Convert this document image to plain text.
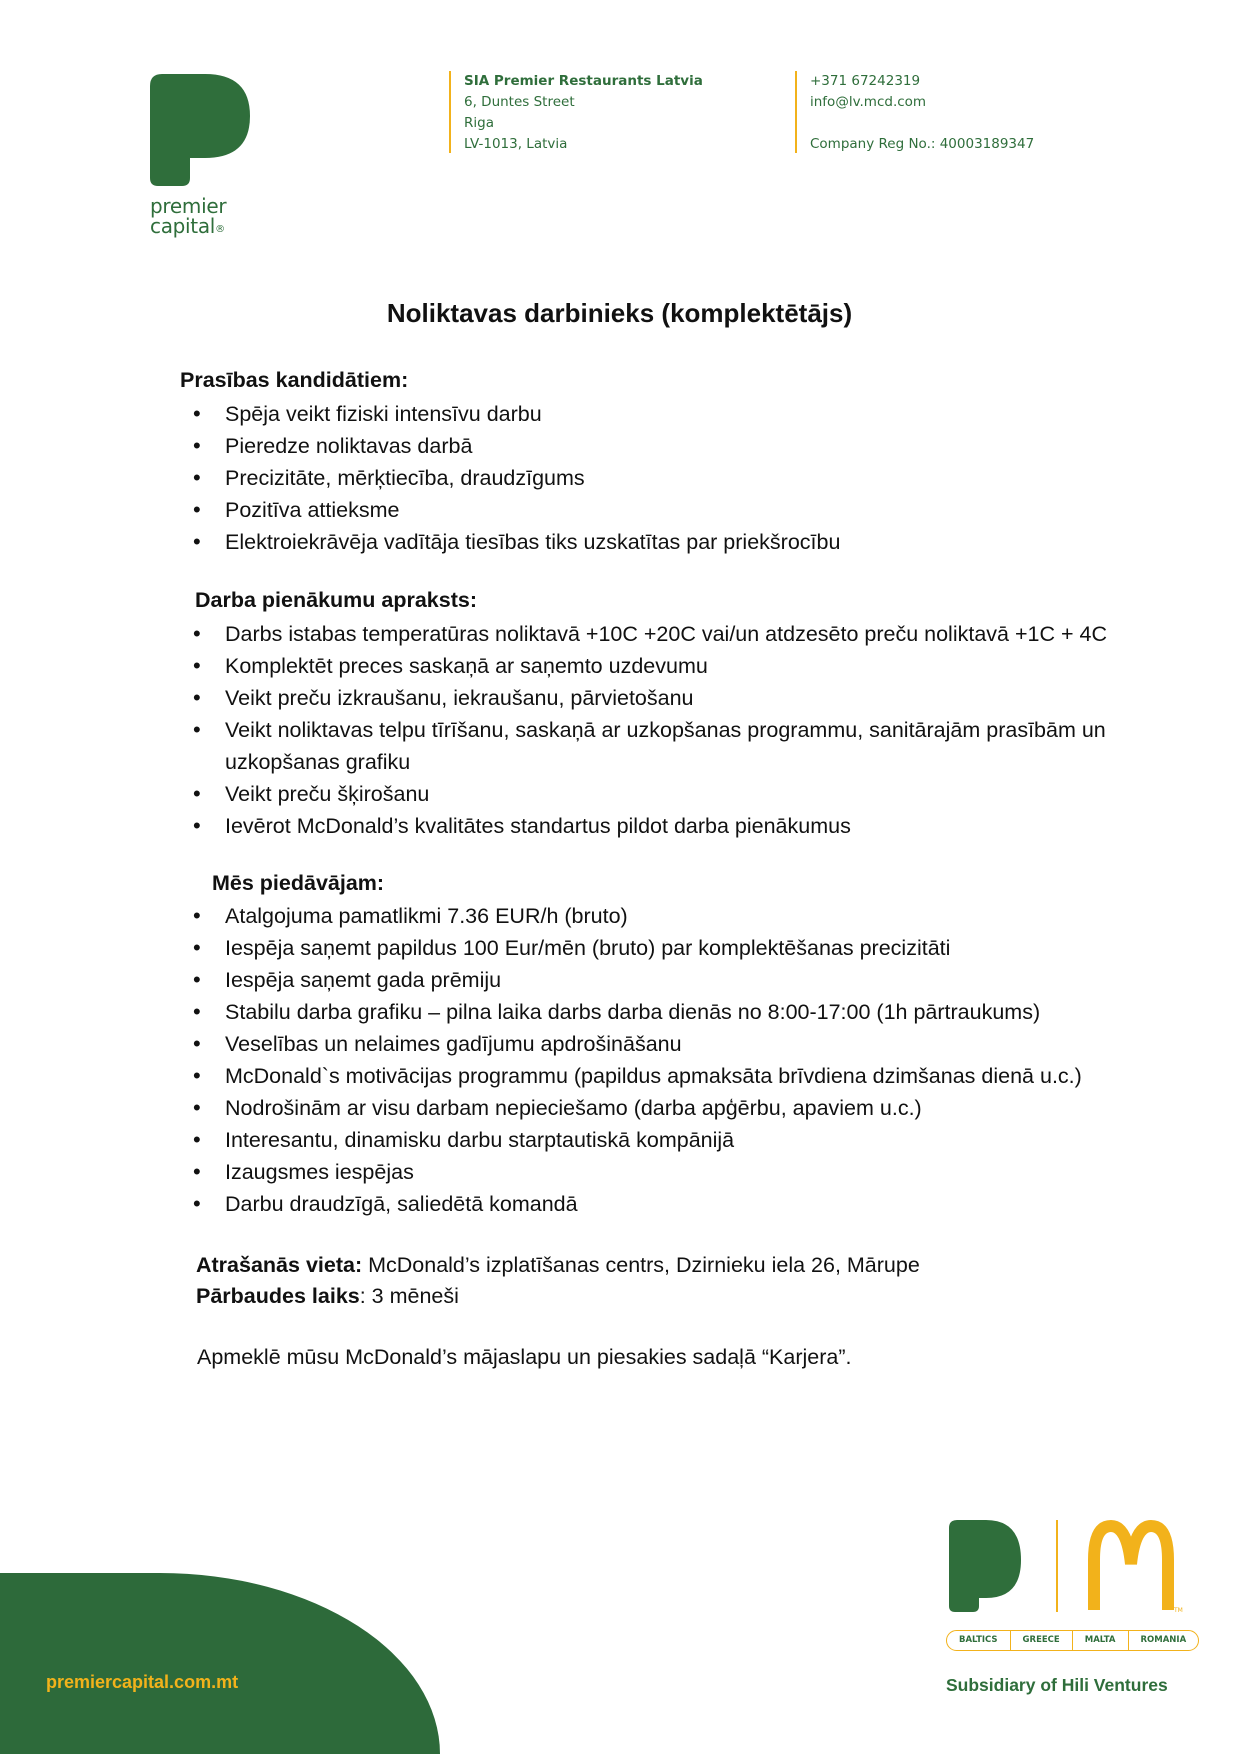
premier
capital®
SIA Premier Restaurants Latvia
6, Duntes Street
Riga
LV-1013, Latvia
+371 67242319
info@lv.mcd.com
Company Reg No.: 40003189347
Noliktavas darbinieks (komplektētājs)
Prasības kandidātiem:
• Spēja veikt fiziski intensīvu darbu
• Pieredze noliktavas darbā
• Precizitāte, mērķtiecība, draudzīgums
• Pozitīva attieksme
• Elektroiekrāvēja vadītāja tiesības tiks uzskatītas par priekšrocību
Darba pienākumu apraksts:
• Darbs istabas temperatūras noliktavā +10C +20C vai/un atdzesēto preču noliktavā +1C + 4C
• Komplektēt preces saskaņā ar saņemto uzdevumu
• Veikt preču izkraušanu, iekraušanu, pārvietošanu
• Veikt noliktavas telpu tīrīšanu, saskaņā ar uzkopšanas programmu, sanitārajām prasībām un uzkopšanas grafiku
• Veikt preču šķirošanu
• Ievērot McDonald’s kvalitātes standartus pildot darba pienākumus
Mēs piedāvājam:
• Atalgojuma pamatlikmi 7.36 EUR/h (bruto)
• Iespēja saņemt papildus 100 Eur/mēn (bruto) par komplektēšanas precizitāti
• Iespēja saņemt gada prēmiju
• Stabilu darba grafiku – pilna laika darbs darba dienās no 8:00-17:00 (1h pārtraukums)
• Veselības un nelaimes gadījumu apdrošināšanu
• McDonald`s motivācijas programmu (papildus apmaksāta brīvdiena dzimšanas dienā u.c.)
• Nodrošinām ar visu darbam nepieciešamo (darba apģērbu, apaviem u.c.)
• Interesantu, dinamisku darbu starptautiskā kompānijā
• Izaugsmes iespējas
• Darbu draudzīgā, saliedētā komandā
Atrašanās vieta: McDonald’s izplatīšanas centrs, Dzirnieku iela 26, Mārupe
Pārbaudes laiks: 3 mēneši
Apmeklē mūsu McDonald’s mājaslapu un piesakies sadaļā “Karjera”.
premiercapital.com.mt
TM
BALTICS	GREECE	MALTA	ROMANIA
Subsidiary of Hili Ventures
